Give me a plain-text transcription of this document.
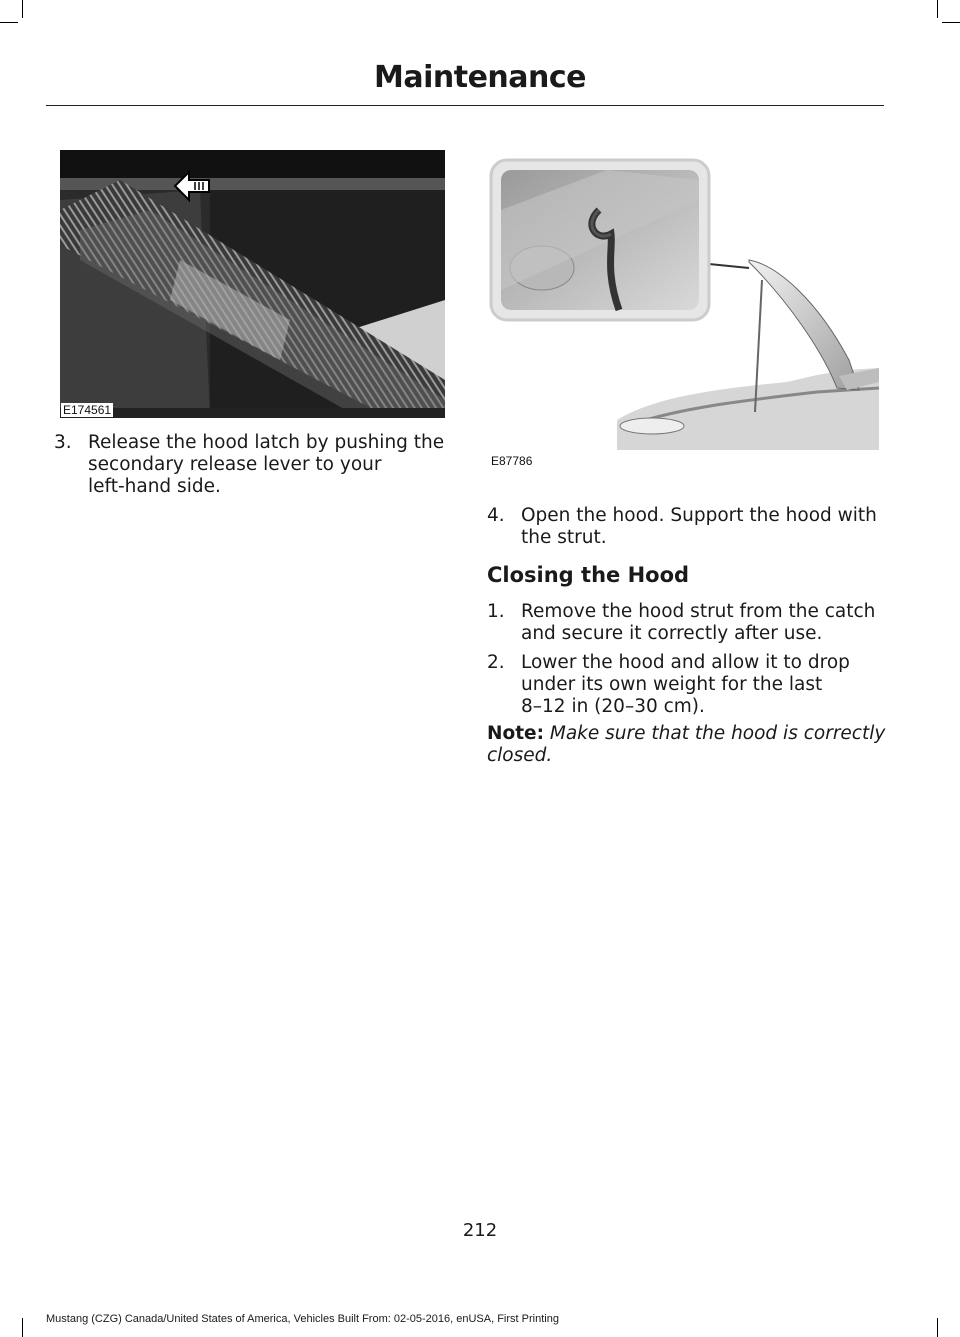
Maintenance
E174561
E87786
3. Release the hood latch by pushing the
secondary release lever to your
left-hand side.
4. Open the hood. Support the hood with
the strut.
Closing the Hood
1. Remove the hood strut from the catch
and secure it correctly after use.
2. Lower the hood and allow it to drop
under its own weight for the last
8–12 in (20–30 cm).
Note: Make sure that the hood is correctly
closed.
212
Mustang (CZG) Canada/United States of America, Vehicles Built From: 02-05-2016, enUSA, First Printing
